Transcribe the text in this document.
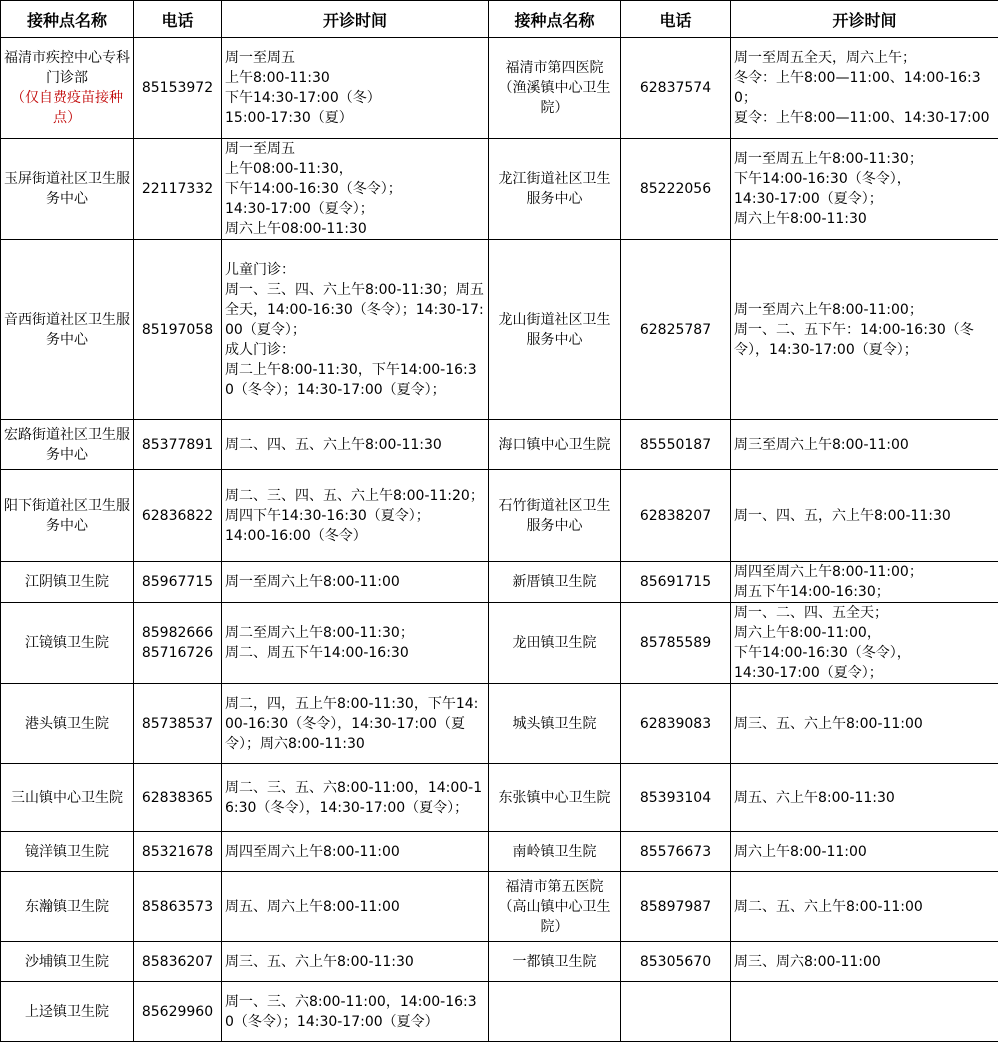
接种点名称	电话	开诊时间	接种点名称	电话	开诊时间

福清市疾控中心专科门诊部
（仅自费疫苗接种点）	85153972	周一至周五
上午8:00-11:30
下午14:30-17:00（冬）
15:00-17:30（夏）	福清市第四医院（渔溪镇中心卫生院）	62837574	周一至周五全天，周六上午；
冬令：上午8:00—11:00、14:00-16:30；
夏令：上午8:00—11:00、14:30-17:00

玉屏街道社区卫生服务中心	22117332	周一至周五
上午08:00-11:30，
下午14:00-16:30（冬令）；
14:30-17:00（夏令）；
周六上午08:00-11:30	龙江街道社区卫生服务中心	85222056	周一至周五上午8:00-11:30；
下午14:00-16:30（冬令），
14:30-17:00（夏令）；
周六上午8:00-11:30

音西街道社区卫生服务中心	85197058	儿童门诊：
周一、三、四、六上午8:00-11:30；周五全天，14:00-16:30（冬令）；14:30-17:00（夏令）；
成人门诊：
周二上午8:00-11:30，下午14:00-16:30（冬令）；14:30-17:00（夏令）；	龙山街道社区卫生服务中心	62825787	周一至周六上午8:00-11:00；
周一、二、五下午：14:00-16:30（冬令），14:30-17:00（夏令）；

宏路街道社区卫生服务中心	85377891	周二、四、五、六上午8:00-11:30	海口镇中心卫生院	85550187	周三至周六上午8:00-11:00

阳下街道社区卫生服务中心	62836822	周二、三、四、五、六上午8:00-11:20；周四下午14:30-16:30（夏令）；
14:00-16:00（冬令）	石竹街道社区卫生服务中心	62838207	周一、四、五，六上午8:00-11:30

江阴镇卫生院	85967715	周一至周六上午8:00-11:00	新厝镇卫生院	85691715	周四至周六上午8:00-11:00；
周五下午14:00-16:30；

江镜镇卫生院	85982666
85716726	周二至周六上午8:00-11:30；
周二、周五下午14:00-16:30	龙田镇卫生院	85785589	周一、二、四、五全天；
周六上午8:00-11:00，
下午14:00-16:30（冬令），
14:30-17:00（夏令）；

港头镇卫生院	85738537	周二，四，五上午8:00-11:30，下午14:00-16:30（冬令），14:30-17:00（夏令）；周六8:00-11:30	城头镇卫生院	62839083	周三、五、六上午8:00-11:00

三山镇中心卫生院	62838365	周二、三、五、六8:00-11:00，14:00-16:30（冬令），14:30-17:00（夏令）；	东张镇中心卫生院	85393104	周五、六上午8:00-11:30

镜洋镇卫生院	85321678	周四至周六上午8:00-11:00	南岭镇卫生院	85576673	周六上午8:00-11:00

东瀚镇卫生院	85863573	周五、周六上午8:00-11:00	福清市第五医院（高山镇中心卫生院）	85897987	周二、五、六上午8:00-11:00

沙埔镇卫生院	85836207	周三、五、六上午8:00-11:30	一都镇卫生院	85305670	周三、周六8:00-11:00

上迳镇卫生院	85629960	周一、三、六8:00-11:00，14:00-16:30（冬令）；14:30-17:00（夏令）			
